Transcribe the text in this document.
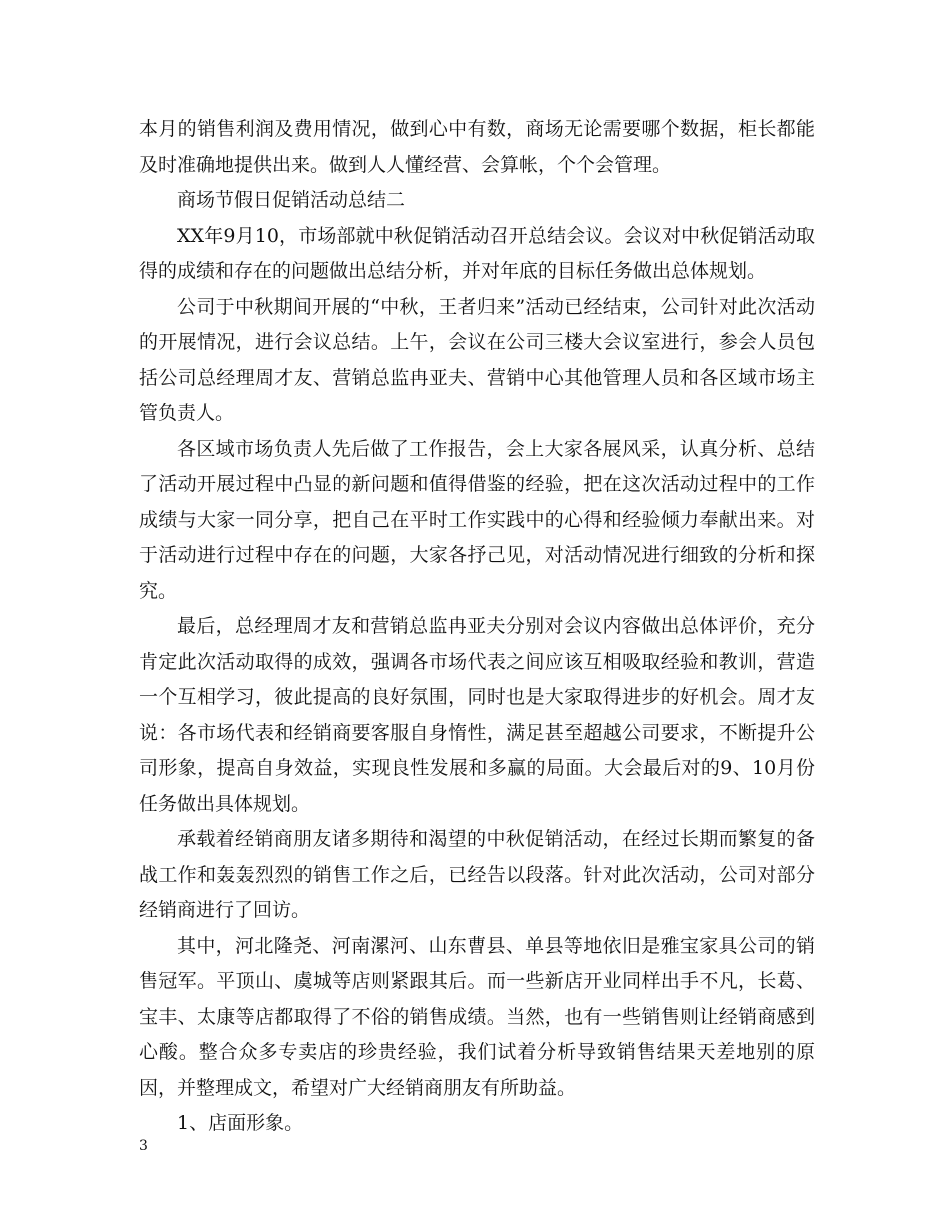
本月的销售利润及费用情况，做到心中有数，商场无论需要哪个数据，柜长都能及时准确地提供出来。做到人人懂经营、会算帐，个个会管理。

商场节假日促销活动总结二

XX年9月10，市场部就中秋促销活动召开总结会议。会议对中秋促销活动取得的成绩和存在的问题做出总结分析，并对年底的目标任务做出总体规划。

公司于中秋期间开展的“中秋，王者归来”活动已经结束，公司针对此次活动的开展情况，进行会议总结。上午，会议在公司三楼大会议室进行，参会人员包括公司总经理周才友、营销总监冉亚夫、营销中心其他管理人员和各区域市场主管负责人。

各区域市场负责人先后做了工作报告，会上大家各展风采，认真分析、总结了活动开展过程中凸显的新问题和值得借鉴的经验，把在这次活动过程中的工作成绩与大家一同分享，把自己在平时工作实践中的心得和经验倾力奉献出来。对于活动进行过程中存在的问题，大家各抒己见，对活动情况进行细致的分析和探究。

最后，总经理周才友和营销总监冉亚夫分别对会议内容做出总体评价，充分肯定此次活动取得的成效，强调各市场代表之间应该互相吸取经验和教训，营造一个互相学习，彼此提高的良好氛围，同时也是大家取得进步的好机会。周才友说：各市场代表和经销商要客服自身惰性，满足甚至超越公司要求，不断提升公司形象，提高自身效益，实现良性发展和多赢的局面。大会最后对的9、10月份任务做出具体规划。

承载着经销商朋友诸多期待和渴望的中秋促销活动，在经过长期而繁复的备战工作和轰轰烈烈的销售工作之后，已经告以段落。针对此次活动，公司对部分经销商进行了回访。

其中，河北隆尧、河南漯河、山东曹县、单县等地依旧是雅宝家具公司的销售冠军。平顶山、虞城等店则紧跟其后。而一些新店开业同样出手不凡，长葛、宝丰、太康等店都取得了不俗的销售成绩。当然，也有一些销售则让经销商感到心酸。整合众多专卖店的珍贵经验，我们试着分析导致销售结果天差地别的原因，并整理成文，希望对广大经销商朋友有所助益。

1、店面形象。

3
